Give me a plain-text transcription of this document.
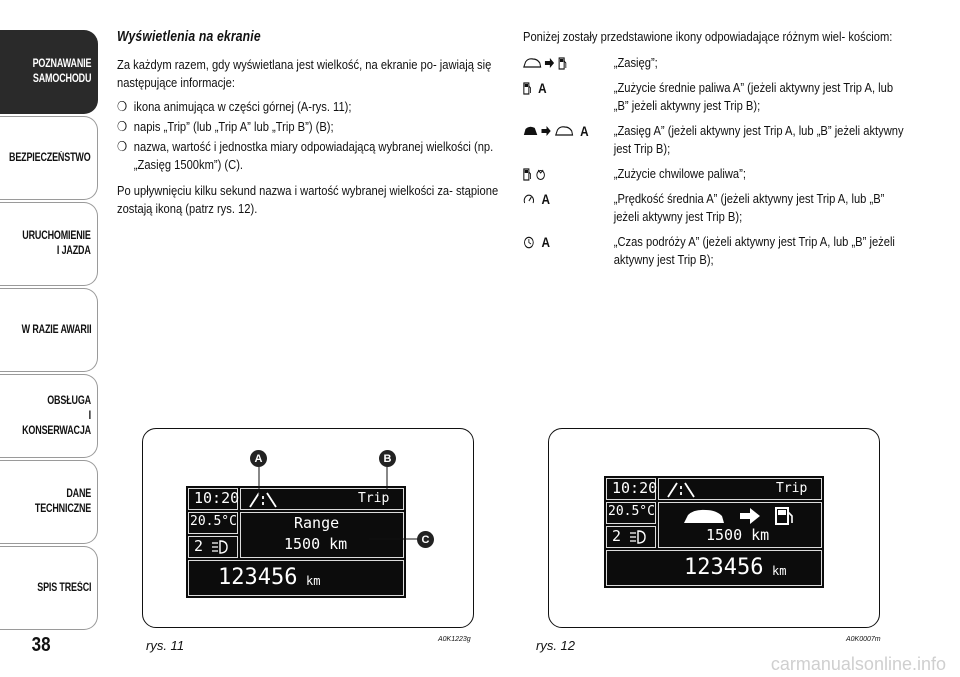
POZNAWANIE
SAMOCHODU
BEZPIECZEŃSTWO
URUCHOMIENIE
I JAZDA
W RAZIE AWARII
OBSŁUGA
I KONSERWACJA
DANE
TECHNICZNE
SPIS TREŚCI
38
Wyświetlenia na ekranie

Za każdym razem, gdy wyświetlana jest wielkość, na ekranie po- jawiają się następujące informacje:

❍ ikona animująca w części górnej (A-rys. 11);
❍ napis „Trip” (lub „Trip A” lub „Trip B”) (B);
❍ nazwa, wartość i jednostka miary odpowiadającą wybranej wielkości (np. „Zasięg 1500km”) (C).

Po upływnięciu kilku sekund nazwa i wartość wybranej wielkości za- stąpione zostają ikoną (patrz rys. 12).

Poniżej zostały przedstawione ikony odpowiadające różnym wiel- kościom:

„Zasięg”;
A	„Zużycie średnie paliwa A” (jeżeli aktywny jest Trip A, lub „B” jeżeli aktywny jest Trip B);
A „Zasięg A” (jeżeli aktywny jest Trip A, lub „B” jeżeli aktywny jest Trip B);
„Zużycie chwilowe paliwa”;
A	„Prędkość średnia A” (jeżeli aktywny jest Trip A, lub „B” jeżeli aktywny jest Trip B);
A	„Czas podróży A” (jeżeli aktywny jest Trip A, lub „B” jeżeli aktywny jest Trip B);
10:20
20.5°C
2
Trip
Range
1500 km
123456 km
A	B
C
rys. 11	A0K1223g
10:20
20.5°C
2
Trip
1500 km
123456 km
rys. 12	A0K0007m
carmanualsonline.info
